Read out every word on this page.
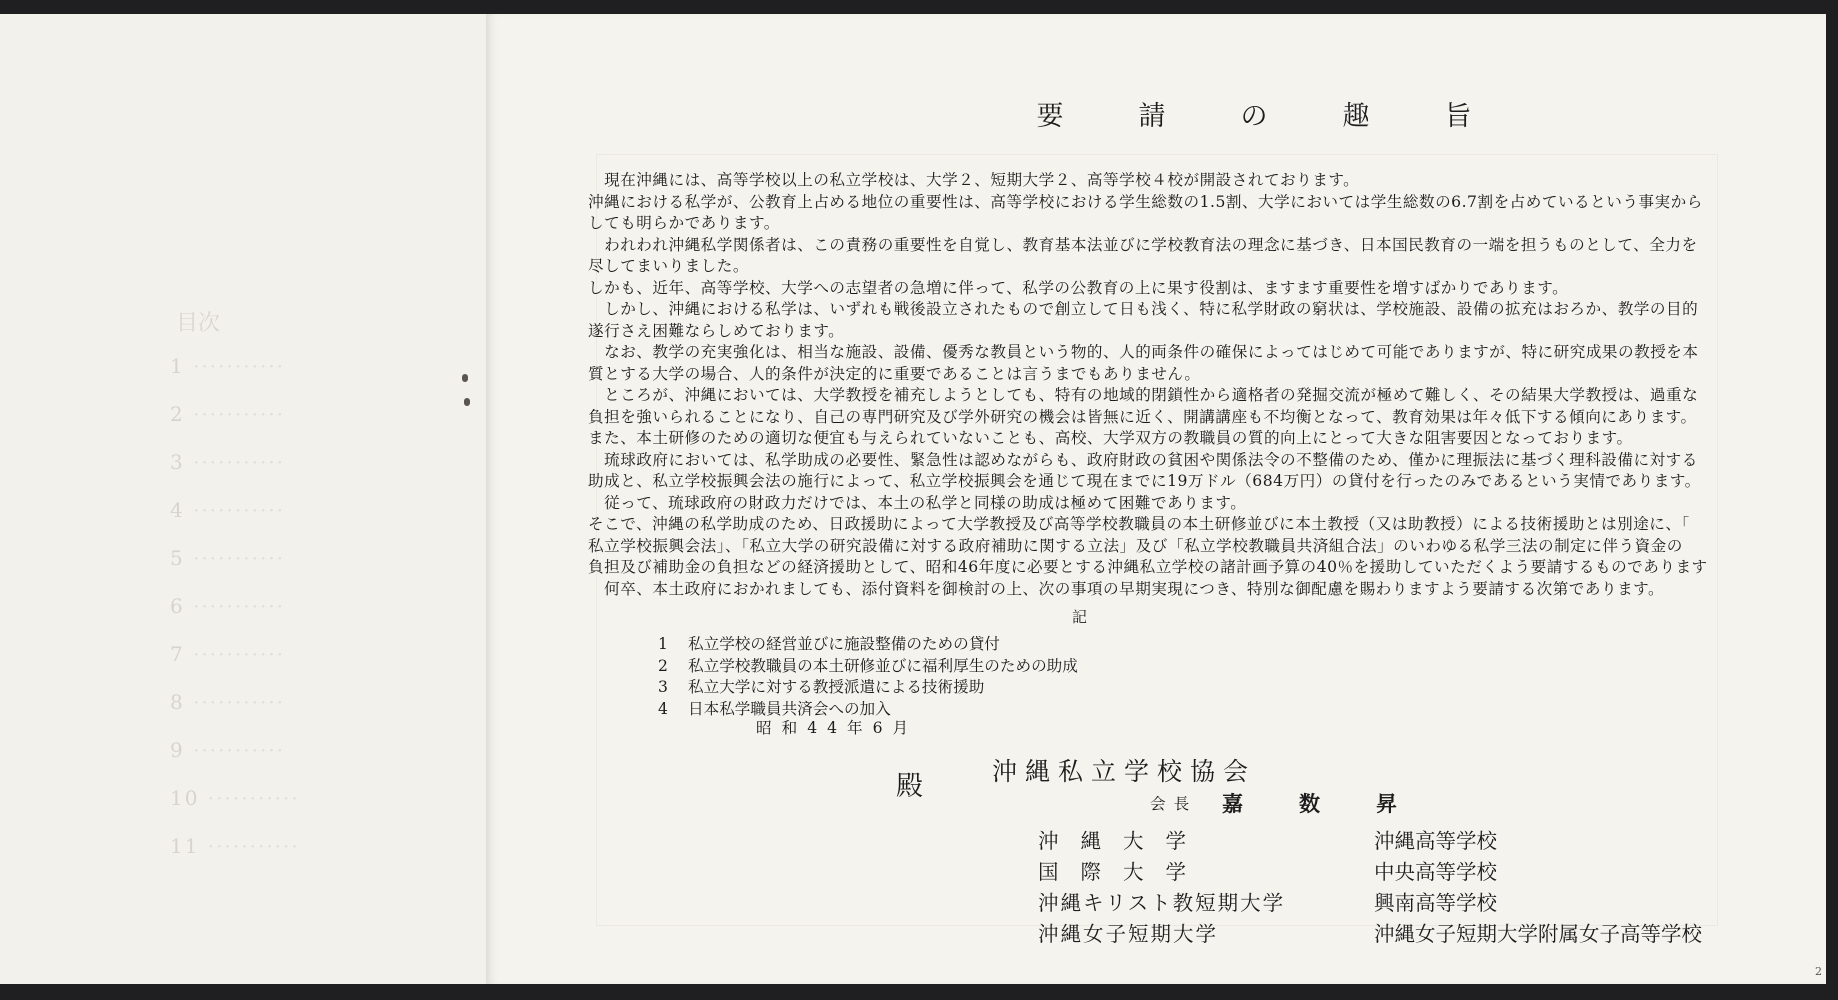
目次
1 ···········
2 ···········
3 ···········
4 ···········
5 ···········
6 ···········
7 ···········
8 ···········
9 ···········
10 ···········
11 ···········
要　請　の　趣　旨

　現在沖縄には、高等学校以上の私立学校は、大学２、短期大学２、高等学校４校が開設されております。

沖縄における私学が、公教育上占める地位の重要性は、高等学校における学生総数の1.5割、大学においては学生総数の6.7割を占めているという事実から

しても明らかであります。

　われわれ沖縄私学関係者は、この責務の重要性を自覚し、教育基本法並びに学校教育法の理念に基づき、日本国民教育の一端を担うものとして、全力を

尽してまいりました。

しかも、近年、高等学校、大学への志望者の急増に伴って、私学の公教育の上に果す役割は、ますます重要性を増すばかりであります。

　しかし、沖縄における私学は、いずれも戦後設立されたもので創立して日も浅く、特に私学財政の窮状は、学校施設、設備の拡充はおろか、教学の目的

遂行さえ困難ならしめております。

　なお、教学の充実強化は、相当な施設、設備、優秀な教員という物的、人的両条件の確保によってはじめて可能でありますが、特に研究成果の教授を本

質とする大学の場合、人的条件が決定的に重要であることは言うまでもありません。

　ところが、沖縄においては、大学教授を補充しようとしても、特有の地域的閉鎖性から適格者の発掘交流が極めて難しく、その結果大学教授は、過重な

負担を強いられることになり、自己の専門研究及び学外研究の機会は皆無に近く、開講講座も不均衡となって、教育効果は年々低下する傾向にあります。

また、本土研修のための適切な便宜も与えられていないことも、高校、大学双方の教職員の質的向上にとって大きな阻害要因となっております。

　琉球政府においては、私学助成の必要性、緊急性は認めながらも、政府財政の貧困や関係法令の不整備のため、僅かに理振法に基づく理科設備に対する

助成と、私立学校振興会法の施行によって、私立学校振興会を通じて現在までに19万ドル（684万円）の貸付を行ったのみであるという実情であります。

　従って、琉球政府の財政力だけでは、本土の私学と同様の助成は極めて困難であります。

そこで、沖縄の私学助成のため、日政援助によって大学教授及び高等学校教職員の本土研修並びに本土教授（又は助教授）による技術援助とは別途に、「

私立学校振興会法」、「私立大学の研究設備に対する政府補助に関する立法」及び「私立学校教職員共済組合法」のいわゆる私学三法の制定に伴う資金の

負担及び補助金の負担などの経済援助として、昭和46年度に必要とする沖縄私立学校の諸計画予算の40％を援助していただくよう要請するものであります

　何卒、本土政府におかれましても、添付資料を御検討の上、次の事項の早期実現につき、特別な御配慮を賜わりますよう要請する次第であります。

記
1 私立学校の経営並びに施設整備のための貸付
2 私立学校教職員の本土研修並びに福利厚生のための助成
3 私立大学に対する教授派遣による技術援助
4 日本私学職員共済会への加入
昭和44年6月
殿	沖縄私立学校協会
会長 嘉数昇
沖縄大学
国際大学
沖縄キリスト教短期大学
沖縄女子短期大学
沖縄高等学校
中央高等学校
興南高等学校
沖縄女子短期大学附属女子高等学校
2
